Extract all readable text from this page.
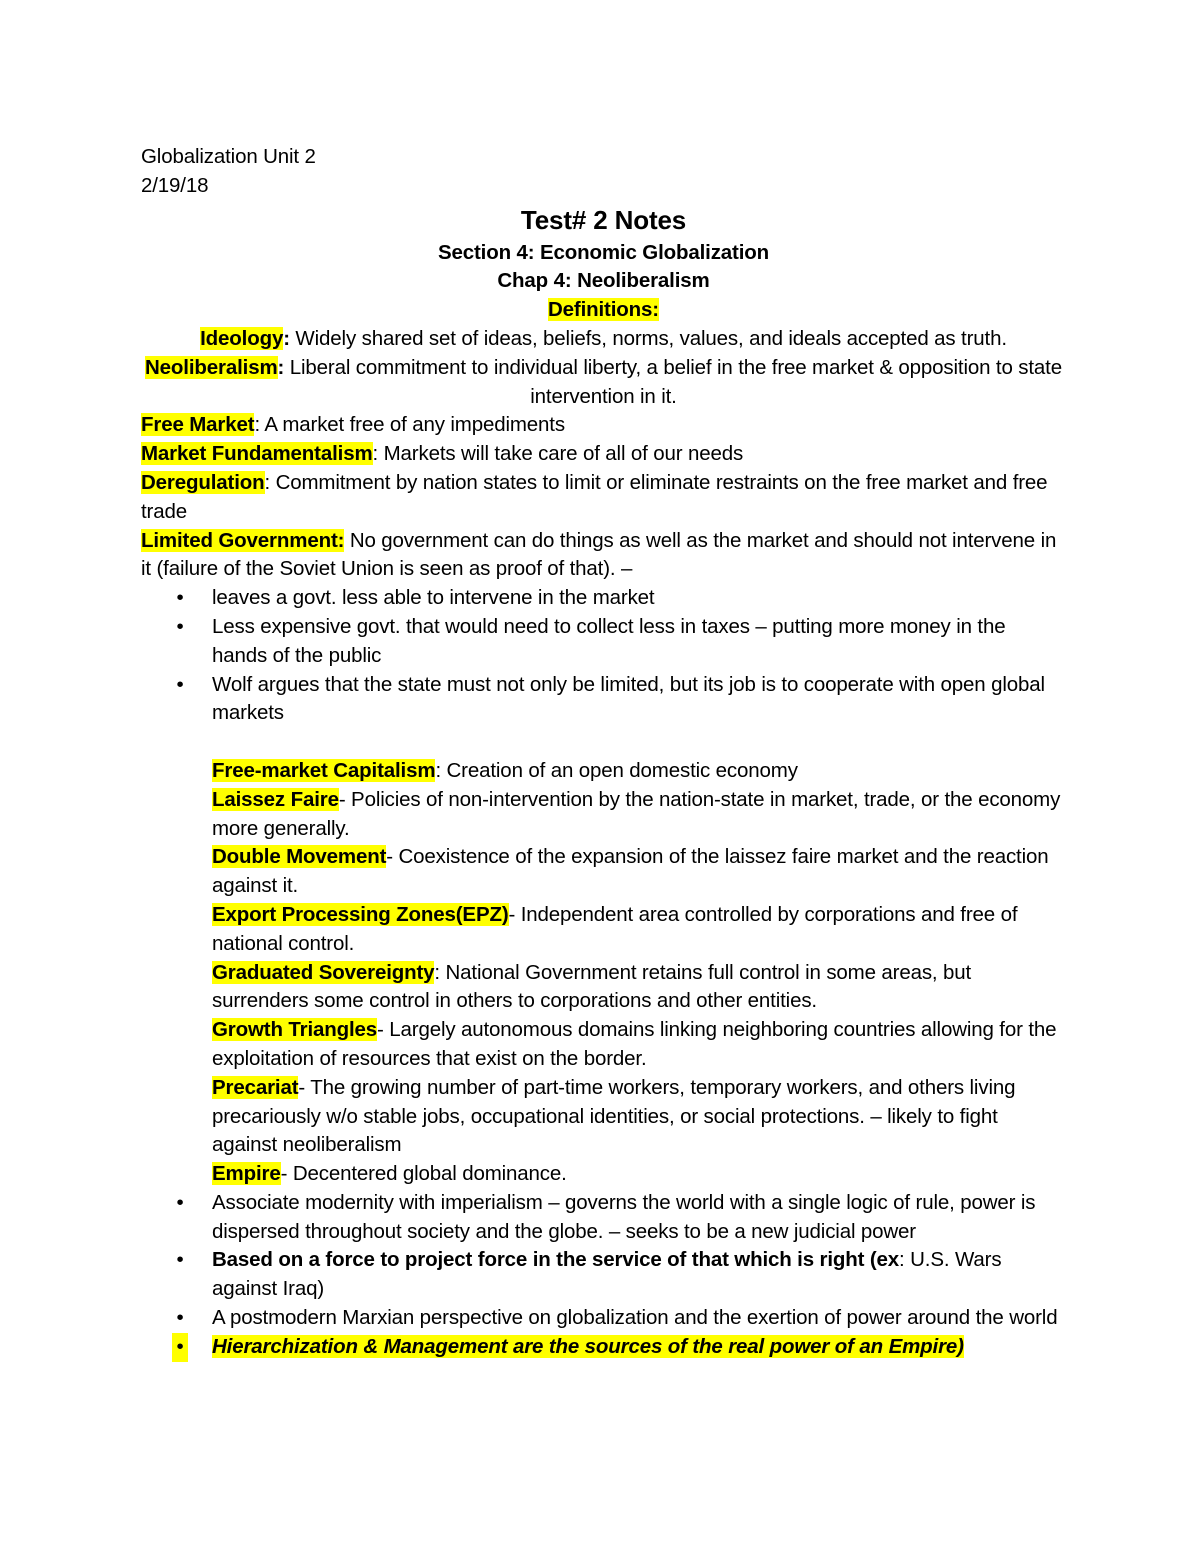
Globalization Unit 2

2/19/18

Test# 2 Notes

Section 4: Economic Globalization

Chap 4: Neoliberalism

Definitions:

Ideology: Widely shared set of ideas, beliefs, norms, values, and ideals accepted as truth.

Neoliberalism: Liberal commitment to individual liberty, a belief in the free market & opposition to state intervention in it.

Free Market: A market free of any impediments

Market Fundamentalism: Markets will take care of all of our needs

Deregulation: Commitment by nation states to limit or eliminate restraints on the free market and free trade

Limited Government: No government can do things as well as the market and should not intervene in it (failure of the Soviet Union is seen as proof of that). –

• leaves a govt. less able to intervene in the market
• Less expensive govt. that would need to collect less in taxes – putting more money in the hands of the public
• Wolf argues that the state must not only be limited, but its job is to cooperate with open global markets

Free-market Capitalism: Creation of an open domestic economy

Laissez Faire- Policies of non-intervention by the nation-state in market, trade, or the economy more generally.

Double Movement- Coexistence of the expansion of the laissez faire market and the reaction against it.

Export Processing Zones(EPZ)- Independent area controlled by corporations and free of national control.

Graduated Sovereignty: National Government retains full control in some areas, but surrenders some control in others to corporations and other entities.

Growth Triangles- Largely autonomous domains linking neighboring countries allowing for the exploitation of resources that exist on the border.

Precariat- The growing number of part-time workers, temporary workers, and others living precariously w/o stable jobs, occupational identities, or social protections. – likely to fight against neoliberalism

Empire- Decentered global dominance.

• Associate modernity with imperialism – governs the world with a single logic of rule, power is dispersed throughout society and the globe. – seeks to be a new judicial power
• Based on a force to project force in the service of that which is right (ex: U.S. Wars against Iraq)
• A postmodern Marxian perspective on globalization and the exertion of power around the world
• Hierarchization & Management are the sources of the real power of an Empire)
